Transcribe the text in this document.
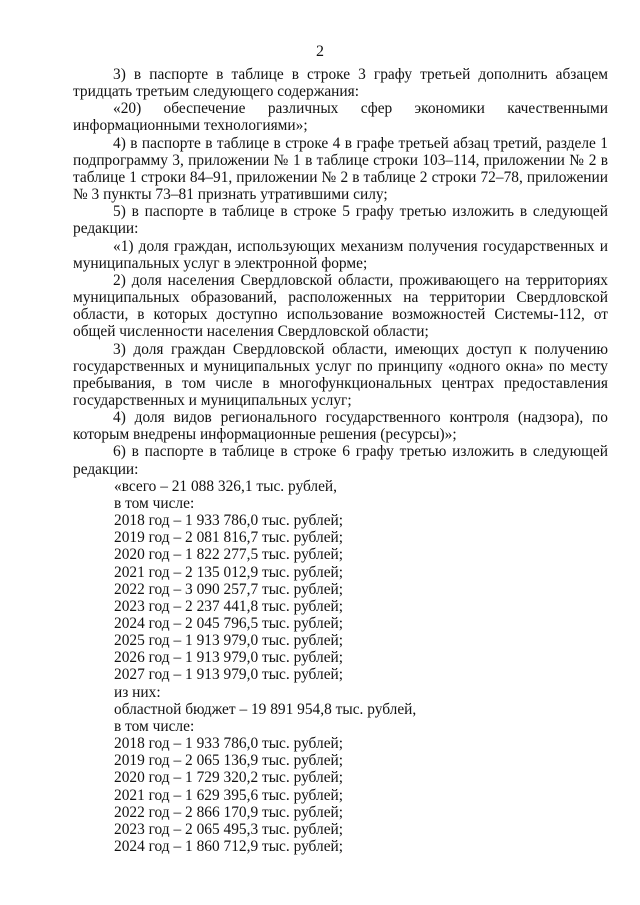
2

3) в паспорте в таблице в строке 3 графу третьей дополнить абзацем тридцать третьим следующего содержания:

«20) обеспечение различных сфер экономики качественными информационными технологиями»;

4) в паспорте в таблице в строке 4 в графе третьей абзац третий, разделе 1 подпрограмму 3, приложении № 1 в таблице строки 103–114, приложении № 2 в таблице 1 строки 84–91, приложении № 2 в таблице 2 строки 72–78, приложении № 3 пункты 73–81 признать утратившими силу;

5) в паспорте в таблице в строке 5 графу третью изложить в следующей редакции:

«1) доля граждан, использующих механизм получения государственных и муниципальных услуг в электронной форме;

2) доля населения Свердловской области, проживающего на территориях муниципальных образований, расположенных на территории Свердловской области, в которых доступно использование возможностей Системы-112, от общей численности населения Свердловской области;

3) доля граждан Свердловской области, имеющих доступ к получению государственных и муниципальных услуг по принципу «одного окна» по месту пребывания, в том числе в многофункциональных центрах предоставления государственных и муниципальных услуг;

4) доля видов регионального государственного контроля (надзора), по которым внедрены информационные решения (ресурсы)»;

6) в паспорте в таблице в строке 6 графу третью изложить в следующей редакции:

«всего – 21 088 326,1 тыс. рублей,

в том числе:

2018 год – 1 933 786,0 тыс. рублей;

2019 год – 2 081 816,7 тыс. рублей;

2020 год – 1 822 277,5 тыс. рублей;

2021 год – 2 135 012,9 тыс. рублей;

2022 год – 3 090 257,7 тыс. рублей;

2023 год – 2 237 441,8 тыс. рублей;

2024 год – 2 045 796,5 тыс. рублей;

2025 год – 1 913 979,0 тыс. рублей;

2026 год – 1 913 979,0 тыс. рублей;

2027 год – 1 913 979,0 тыс. рублей;

из них:

областной бюджет – 19 891 954,8 тыс. рублей,

в том числе:

2018 год – 1 933 786,0 тыс. рублей;

2019 год – 2 065 136,9 тыс. рублей;

2020 год – 1 729 320,2 тыс. рублей;

2021 год – 1 629 395,6 тыс. рублей;

2022 год – 2 866 170,9 тыс. рублей;

2023 год – 2 065 495,3 тыс. рублей;

2024 год – 1 860 712,9 тыс. рублей;
